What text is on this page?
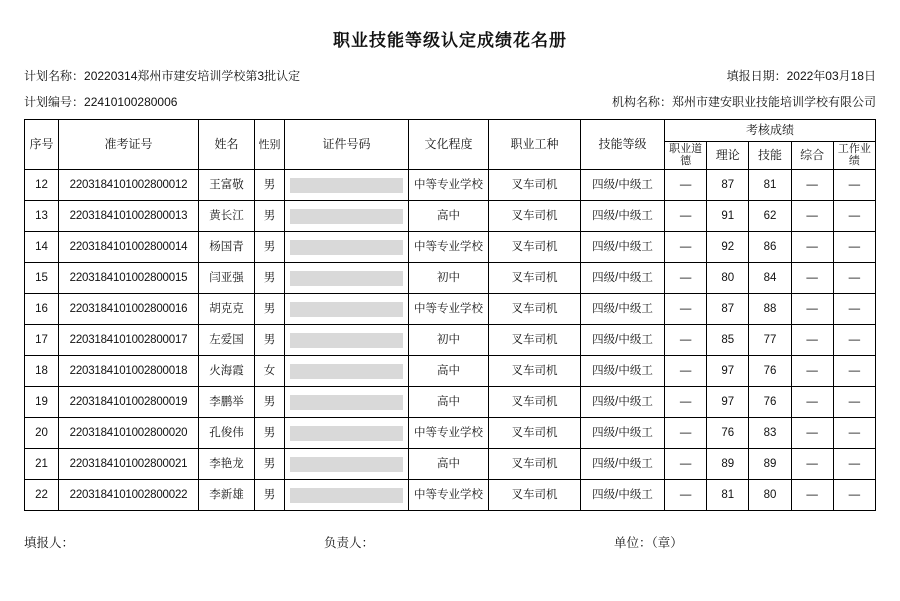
职业技能等级认定成绩花名册
计划名称：20220314郑州市建安培训学校第3批认定	填报日期：2022年03月18日
计划编号：22410100280006	机构名称：郑州市建安职业技能培训学校有限公司
序号	准考证号	姓名	性别	证件号码	文化程度	职业工种	技能等级	考核成绩				
								职业道德	理论	技能	综合	工作业绩
12	2203184101002800012	王富敬	男		中等专业学校	叉车司机	四级/中级工	—	87	81	—	—
13	2203184101002800013	黄长江	男		高中	叉车司机	四级/中级工	—	91	62	—	—
14	2203184101002800014	杨国青	男		中等专业学校	叉车司机	四级/中级工	—	92	86	—	—
15	2203184101002800015	闫亚强	男		初中	叉车司机	四级/中级工	—	80	84	—	—
16	2203184101002800016	胡克克	男		中等专业学校	叉车司机	四级/中级工	—	87	88	—	—
17	2203184101002800017	左爱国	男		初中	叉车司机	四级/中级工	—	85	77	—	—
18	2203184101002800018	火海霞	女		高中	叉车司机	四级/中级工	—	97	76	—	—
19	2203184101002800019	李鹏举	男		高中	叉车司机	四级/中级工	—	97	76	—	—
20	2203184101002800020	孔俊伟	男		中等专业学校	叉车司机	四级/中级工	—	76	83	—	—
21	2203184101002800021	李艳龙	男		高中	叉车司机	四级/中级工	—	89	89	—	—
22	2203184101002800022	李新雄	男		中等专业学校	叉车司机	四级/中级工	—	81	80	—	—
填报人：	负责人：	单位：（章）
